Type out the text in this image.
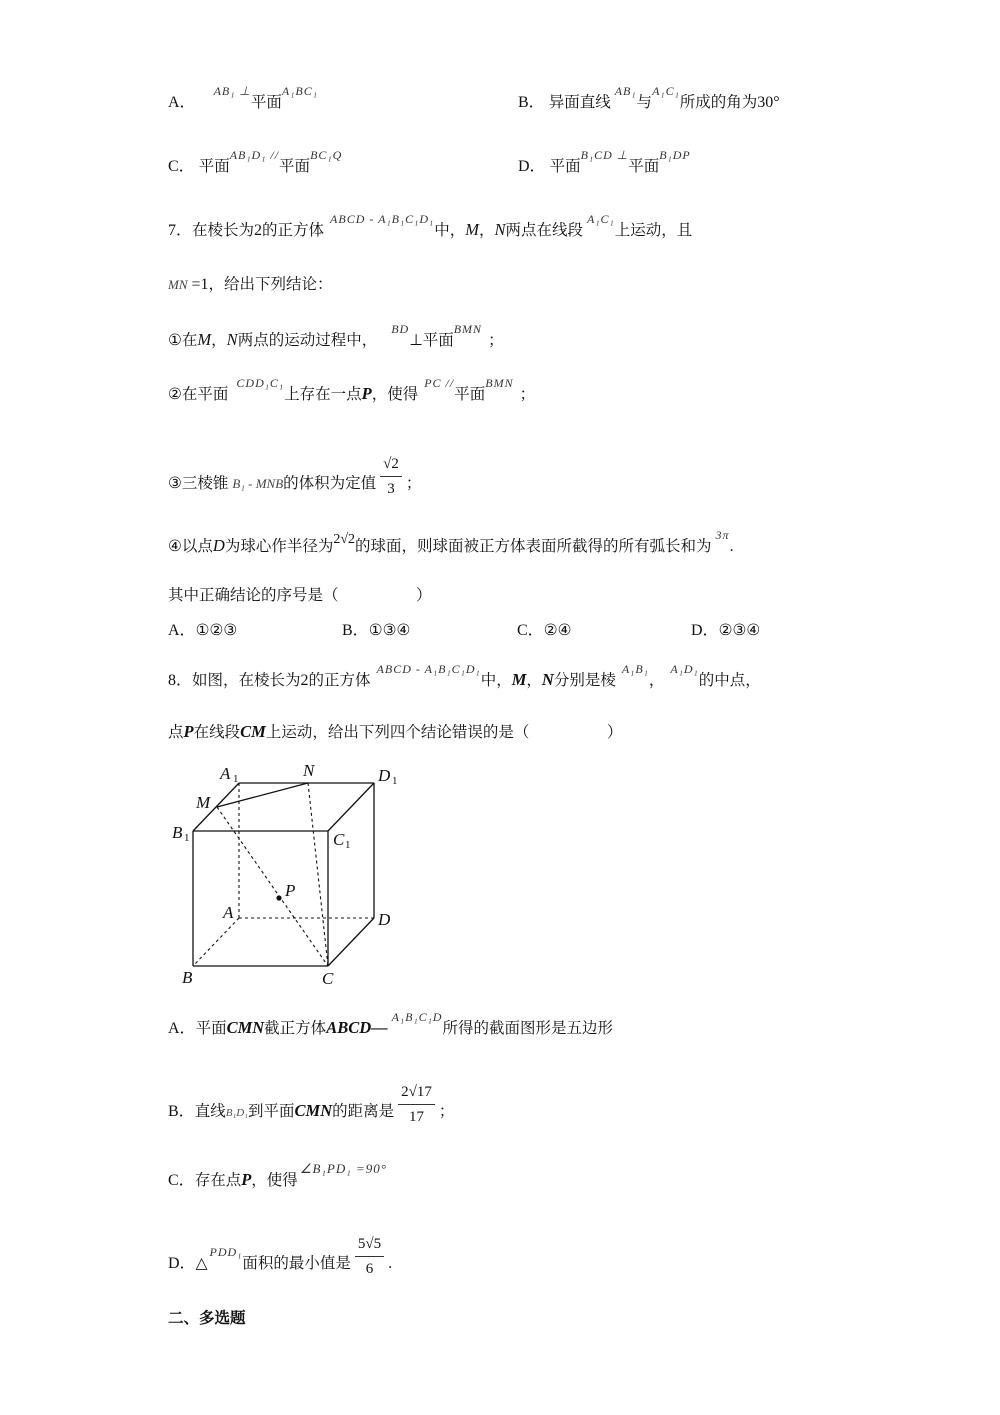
A． $^{AB_1 \perp}$平面$^{A_1BC_1}$
B． 异面直线$^{AB_1}$与$^{A_1C_1}$所成的角为30°
C． 平面$^{AB_1D_1 //}$平面$^{BC_1Q}$
D． 平面$^{B_1CD \perp}$平面$^{B_1DP}$
7．在棱长为2的正方体$^{ABCD - A_1B_1C_1D_1}$中，M，N两点在线段$^{A_1C_1}$上运动，且
MN =1，给出下列结论：
①在M，N两点的运动过程中，$^{BD}$⊥平面$^{BMN}$；
②在平面$^{CDD_1C_1}$上存在一点P，使得$^{PC //}$平面$^{BMN}$；
③三棱锥 B₁ - MNB的体积为定值 $\frac{√2}{3}$ ；
④以点D为球心作半径为2√2的球面，则球面被正方体表面所截得的所有弧长和为$^{3\pi}$.
其中正确结论的序号是（　　　　　）
A．①②③	B．①③④	C．②④	D．②③④
8．如图，在棱长为2的正方体$^{ABCD - A_1B_1C_1D_1}$中，M，N分别是棱$^{A_1B_1}$，$^{A_1D_1}$的中点，
点P在线段CM上运动，给出下列四个结论错误的是（　　　　　）
A 1	N	D 1
M
B 1	C 1
P
A	D
B	C
A．平面CMN截正方体ABCD—$^{A_1B_1C_1D}$所得的截面图形是五边形
B．直线B₁D₁到平面CMN的距离是 $\frac{2√17}{17}$ ；
C．存在点P，使得$^{\angle B_1PD_1 =90^\circ}$
D．△$^{PDD_1}$面积的最小值是 $\frac{5√5}{6}$ .
二、多选题
